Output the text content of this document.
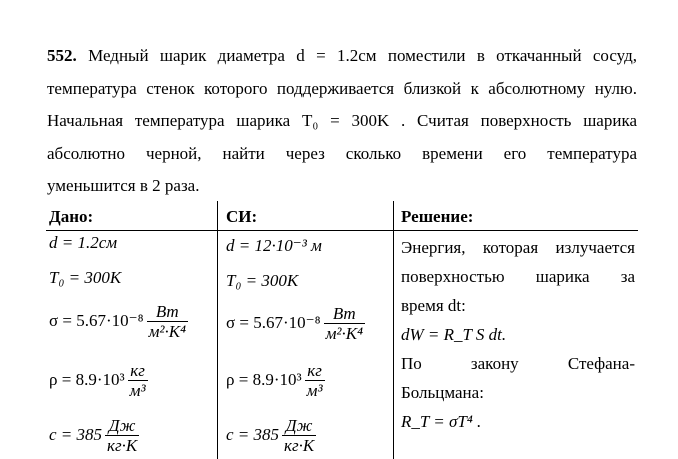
552. Медный шарик диаметра d = 1.2см поместили в откачанный сосуд,
температура стенок которого поддерживается близкой к абсолютному нулю.
Начальная температура шарика T₀ = 300K . Считая поверхность шарика
абсолютно черной, найти через сколько времени его температура
уменьшится в 2 раза.
Дано:	СИ:	Решение:
d = 1.2см
T₀ = 300K
$\sigma = 5.67\cdot 10^{-8} \frac{Вт}{\text{м²·K⁴}}$
$\rho = 8.9\cdot 10^3 \frac{кг}{\text{м³}}$
$c = 385 \frac{Дж}{кг\cdot K}$
d = 12·10⁻³ м
T₀ = 300K
$\sigma = 5.67\cdot 10^{-8} \frac{Вт}{\text{м²·K⁴}}$
$\rho = 8.9\cdot 10^3 \frac{кг}{\text{м³}}$
$c = 385 \frac{Дж}{кг\cdot K}$
Энергия, которая излучается
поверхностью шарика за
время dt:
dW = R_T S dt.
По закону Стефана-
Больцмана:
R_T = σT⁴ .
